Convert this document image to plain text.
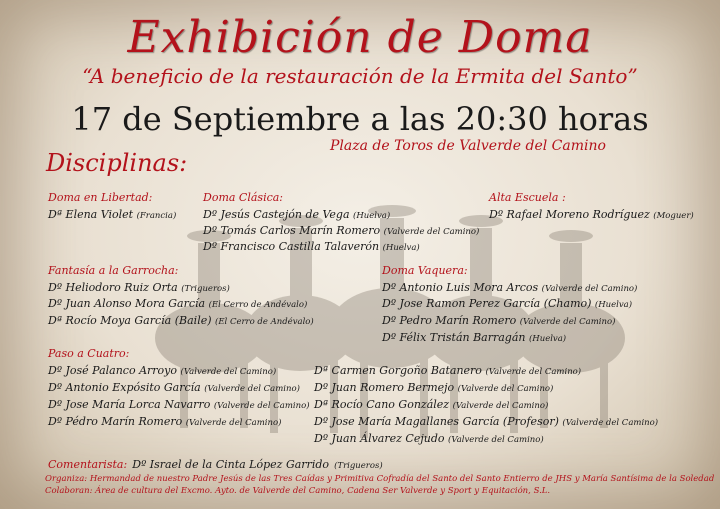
Exhibición de Doma
“A beneficio de la restauración de la Ermita del Santo”
17 de Septiembre a las 20:30 horas
Plaza de Toros de Valverde del Camino
Disciplinas:
Doma en Libertad:
Dª Elena Violet (Francia)
Doma Clásica:
Dº Jesús Castejón de Vega (Huelva)
Dº Tomás Carlos Marín Romero (Valverde del Camino)
Dº Francisco Castilla Talaverón (Huelva)
Alta Escuela :
Dº Rafael Moreno Rodríguez (Moguer)
Fantasía a la Garrocha:
Dº Heliodoro Ruiz Orta (Trigueros)
Dº Juan Alonso Mora García (El Cerro de Andévalo)
Dª Rocío Moya García (Baile) (El Cerro de Andévalo)
Doma Vaquera:
Dº Antonio Luis Mora Arcos (Valverde del Camino)
Dº Jose Ramon Perez García (Chamo) (Huelva)
Dº Pedro Marín Romero (Valverde del Camino)
Dº Félix Tristán Barragán (Huelva)
Paso a Cuatro:
Dº José Palanco Arroyo (Valverde del Camino)
Dº Antonio Expósito García (Valverde del Camino)
Dº Jose María Lorca Navarro (Valverde del Camino)
Dº Pédro Marín Romero (Valverde del Camino)
Dª Carmen Gorgoño Batanero (Valverde del Camino)
Dº Juan Romero Bermejo (Valverde del Camino)
Dª Rocío Cano González (Valverde del Camino)
Dº Jose María Magallanes García (Profesor) (Valverde del Camino)
Dº Juan Álvarez Cejudo (Valverde del Camino)
Comentarista: Dº Israel de la Cinta López Garrido (Trigueros)
Organiza: Hermandad de nuestro Padre Jesús de las Tres Caídas y Primitiva Cofradía del Santo del Santo Entierro de JHS y María Santísima de la Soledad
Colaboran: Área de cultura del Excmo. Ayto. de Valverde del Camino, Cadena Ser Valverde y Sport y Equitación, S.L.
